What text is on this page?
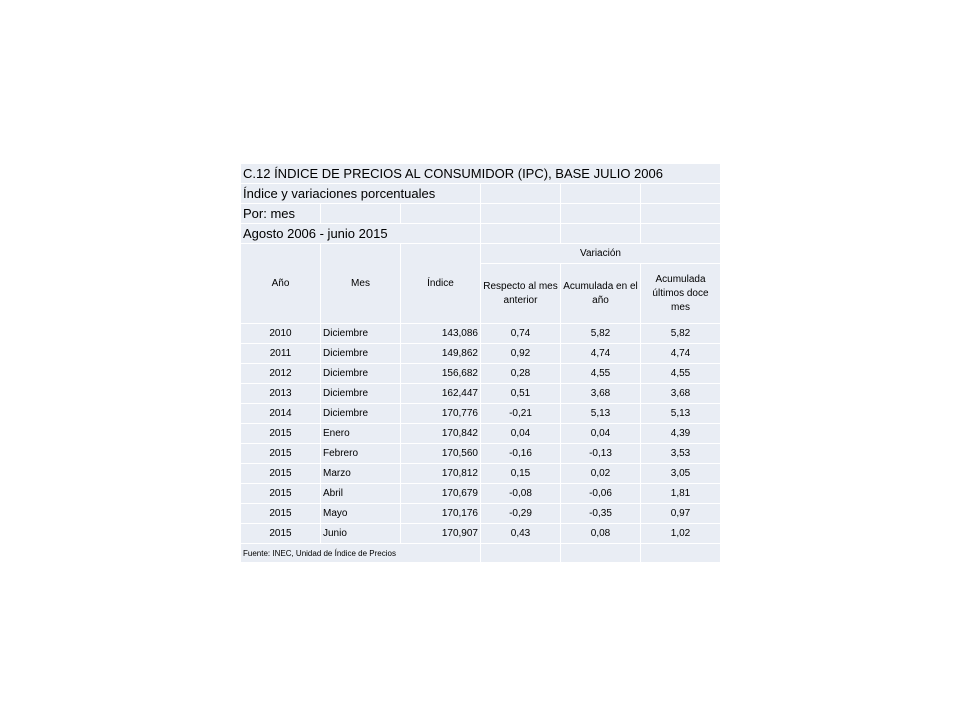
C.12 ÍNDICE DE PRECIOS AL CONSUMIDOR (IPC), BASE JULIO 2006					
Índice y variaciones porcentuales					
Por: mes					
Agosto 2006 - junio 2015					
Año	Mes	Índice	Variación		
			Respecto al mes anterior	Acumulada en el año	Acumulada últimos doce mes
2010	Diciembre	143,086	0,74	5,82	5,82
2011	Diciembre	149,862	0,92	4,74	4,74
2012	Diciembre	156,682	0,28	4,55	4,55
2013	Diciembre	162,447	0,51	3,68	3,68
2014	Diciembre	170,776	-0,21	5,13	5,13
2015	Enero	170,842	0,04	0,04	4,39
2015	Febrero	170,560	-0,16	-0,13	3,53
2015	Marzo	170,812	0,15	0,02	3,05
2015	Abril	170,679	-0,08	-0,06	1,81
2015	Mayo	170,176	-0,29	-0,35	0,97
2015	Junio	170,907	0,43	0,08	1,02
Fuente: INEC, Unidad de Índice de Precios					
